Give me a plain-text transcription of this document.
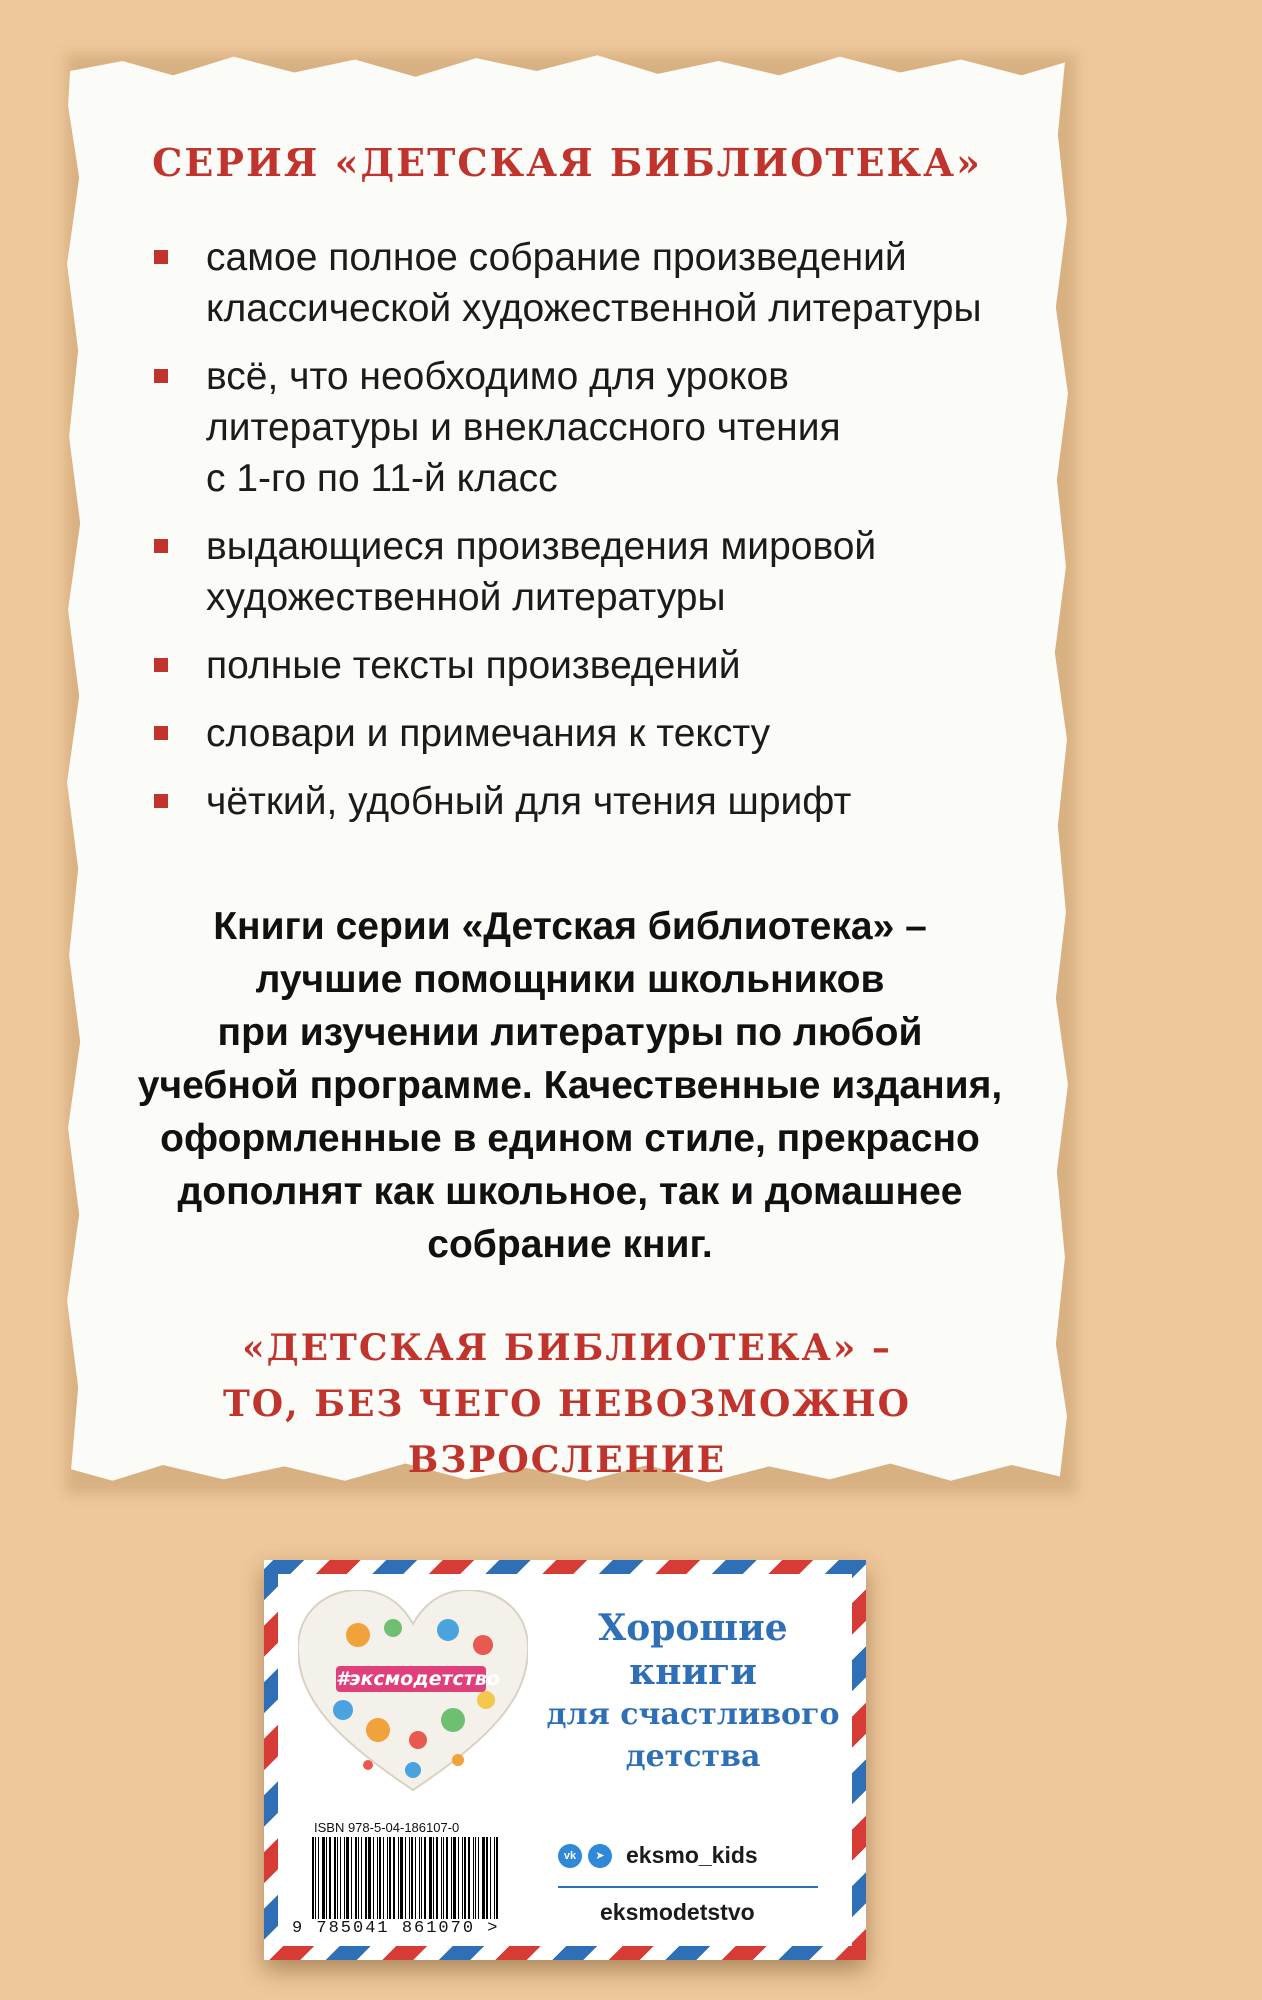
СЕРИЯ «ДЕТСКАЯ БИБЛИОТЕКА»
самое полное собрание произведений
классической художественной литературы
всё, что необходимо для уроков
литературы и внеклассного чтения
с 1-го по 11-й класс
выдающиеся произведения мировой
художественной литературы
полные тексты произведений
словари и примечания к тексту
чёткий, удобный для чтения шрифт
Книги серии «Детская библиотека» –
лучшие помощники школьников
при изучении литературы по любой
учебной программе. Качественные издания,
оформленные в едином стиле, прекрасно
дополнят как школьное, так и домашнее
собрание книг.
«ДЕТСКАЯ БИБЛИОТЕКА» –
ТО, БЕЗ ЧЕГО НЕВОЗМОЖНО ВЗРОСЛЕНИЕ
#эксмодетство
Хорошие
книги
для счастливого
детства
ISBN 978-5-04-186107-0
9 785041 861070 >
vk	➤ eksmo_kids
eksmodetstvo
